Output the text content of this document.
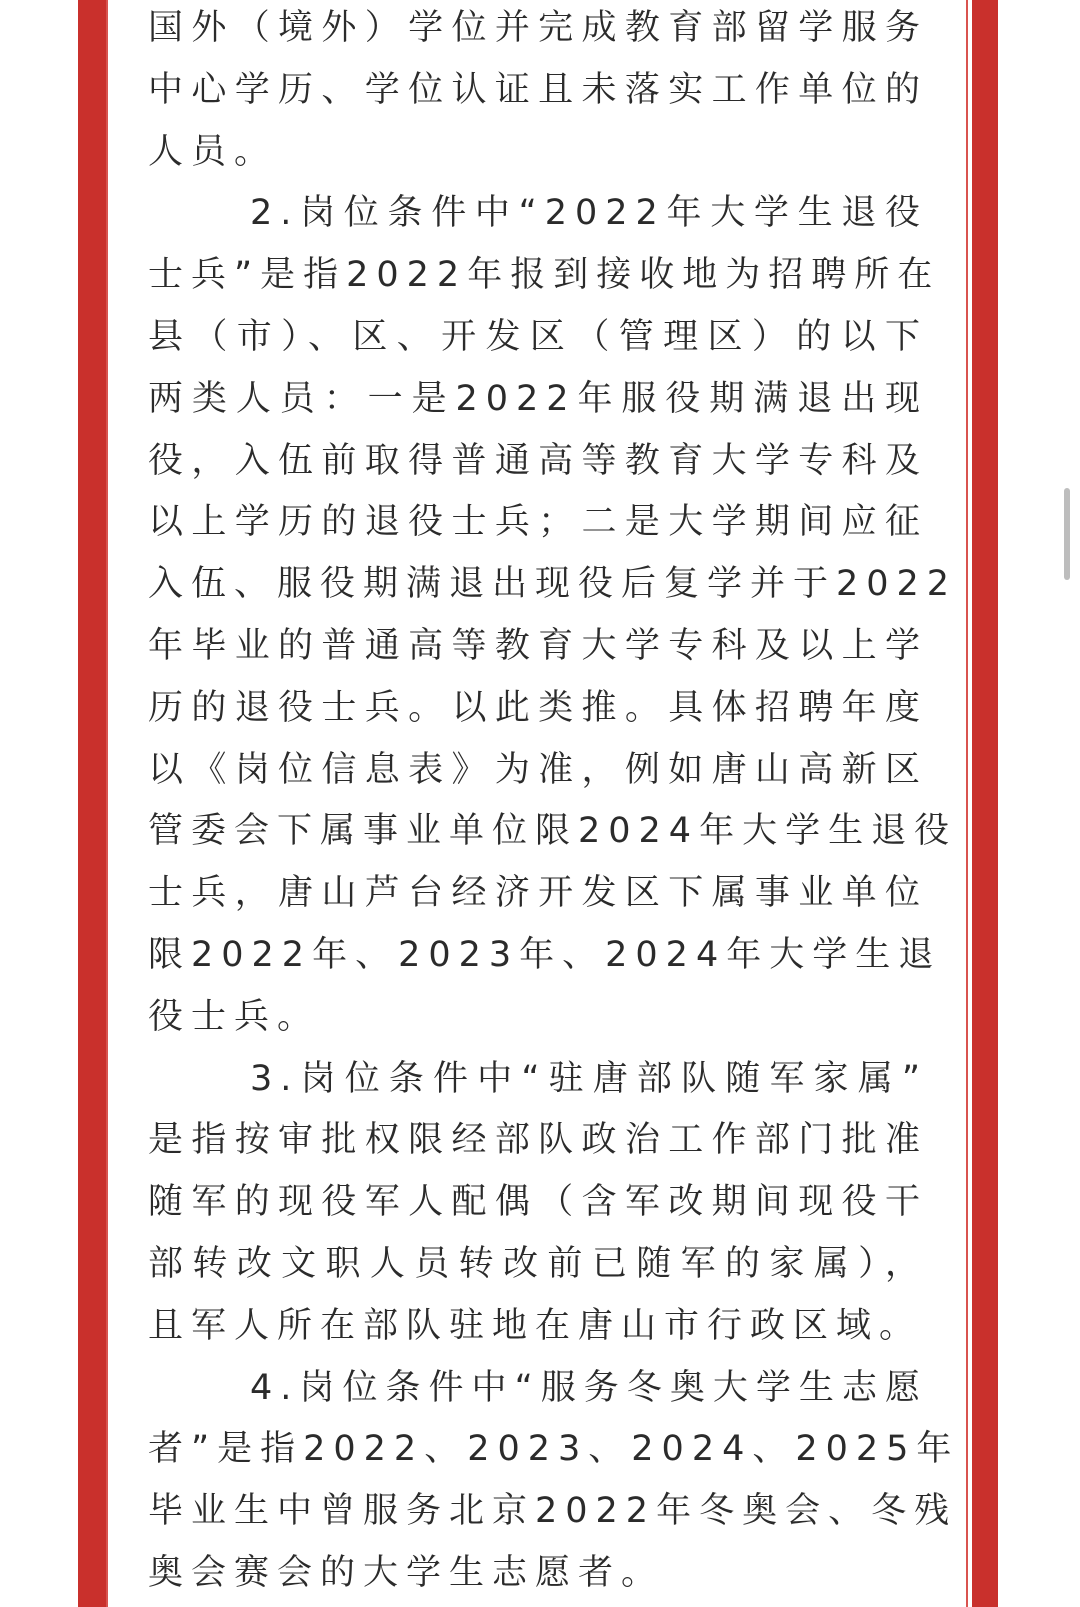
国外（境外）学位并完成教育部留学服务
中心学历、学位认证且未落实工作单位的
人员。
2.岗位条件中“2022年大学生退役
士兵”是指2022年报到接收地为招聘所在
县（市）、区、开发区（管理区）的以下
两类人员：一是2022年服役期满退出现
役，入伍前取得普通高等教育大学专科及
以上学历的退役士兵；二是大学期间应征
入伍、服役期满退出现役后复学并于2022
年毕业的普通高等教育大学专科及以上学
历的退役士兵。以此类推。具体招聘年度
以《岗位信息表》为准，例如唐山高新区
管委会下属事业单位限2024年大学生退役
士兵，唐山芦台经济开发区下属事业单位
限2022年、2023年、2024年大学生退
役士兵。
3.岗位条件中“驻唐部队随军家属”
是指按审批权限经部队政治工作部门批准
随军的现役军人配偶（含军改期间现役干
部转改文职人员转改前已随军的家属），
且军人所在部队驻地在唐山市行政区域。
4.岗位条件中“服务冬奥大学生志愿
者”是指2022、2023、2024、2025年
毕业生中曾服务北京2022年冬奥会、冬残
奥会赛会的大学生志愿者。
